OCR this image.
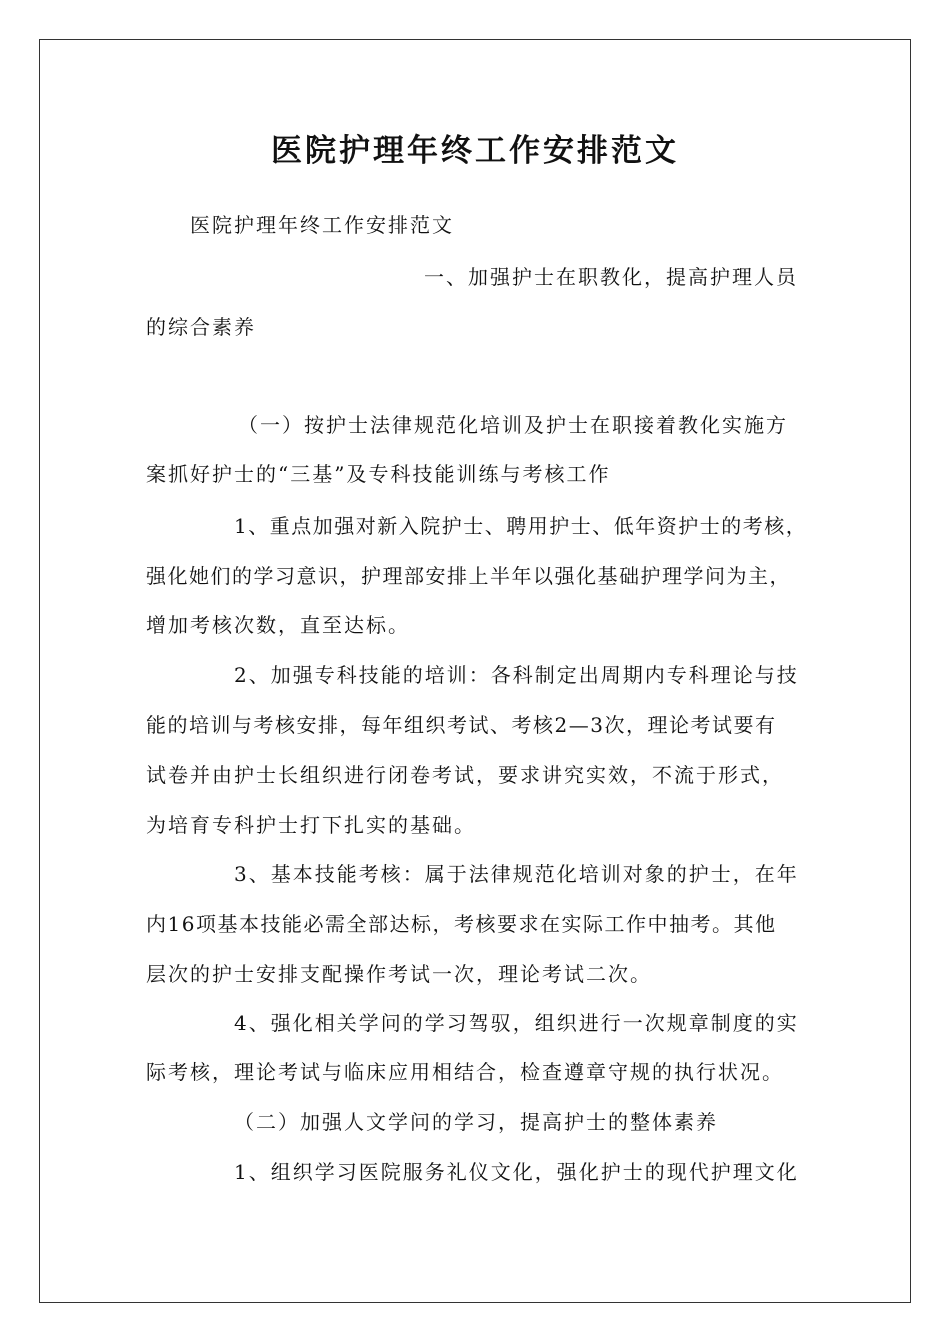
医院护理年终工作安排范文
医院护理年终工作安排范文
一、加强护士在职教化，提高护理人员
的综合素养
（一）按护士法律规范化培训及护士在职接着教化实施方
案抓好护士的“三基”及专科技能训练与考核工作
1、重点加强对新入院护士、聘用护士、低年资护士的考核，
强化她们的学习意识，护理部安排上半年以强化基础护理学问为主，
增加考核次数，直至达标。
2、加强专科技能的培训：各科制定出周期内专科理论与技
能的培训与考核安排，每年组织考试、考核2—3次，理论考试要有
试卷并由护士长组织进行闭卷考试，要求讲究实效，不流于形式，
为培育专科护士打下扎实的基础。
3、基本技能考核：属于法律规范化培训对象的护士，在年
内16项基本技能必需全部达标，考核要求在实际工作中抽考。其他
层次的护士安排支配操作考试一次，理论考试二次。
4、强化相关学问的学习驾驭，组织进行一次规章制度的实
际考核，理论考试与临床应用相结合，检查遵章守规的执行状况。
（二）加强人文学问的学习，提高护士的整体素养
1、组织学习医院服务礼仪文化，强化护士的现代护理文化
